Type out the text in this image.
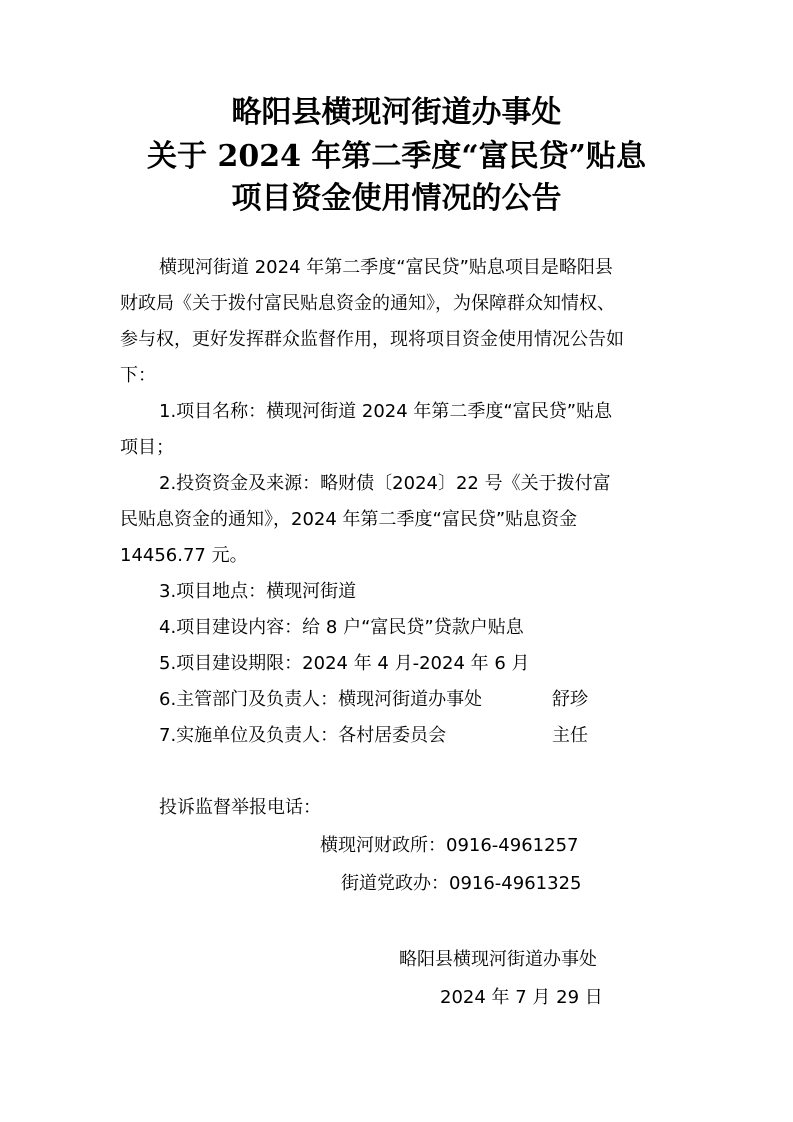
略阳县横现河街道办事处
关于 2024 年第二季度“富民贷”贴息
项目资金使用情况的公告
横现河街道 2024 年第二季度“富民贷”贴息项目是略阳县
财政局《关于拨付富民贴息资金的通知》，为保障群众知情权、
参与权，更好发挥群众监督作用，现将项目资金使用情况公告如
下：
1.项目名称：横现河街道 2024 年第二季度“富民贷”贴息
项目；
2.投资资金及来源：略财债〔2024〕22 号《关于拨付富
民贴息资金的通知》，2024 年第二季度“富民贷”贴息资金
14456.77 元。
3.项目地点：横现河街道
4.项目建设内容：给 8 户“富民贷”贷款户贴息
5.项目建设期限：2024 年 4 月-2024 年 6 月
6.主管部门及负责人：横现河街道办事处	舒珍
7.实施单位及负责人：各村居委员会	主任
投诉监督举报电话：
横现河财政所：0916-4961257
街道党政办：0916-4961325
略阳县横现河街道办事处
2024 年 7 月 29 日
